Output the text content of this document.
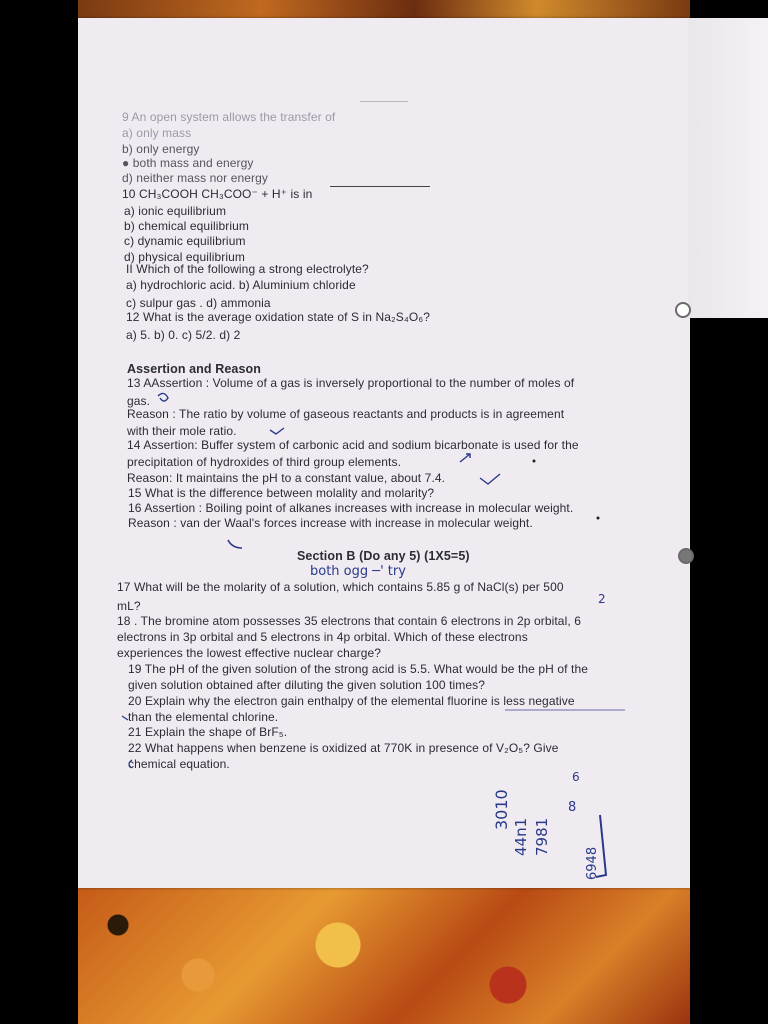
9 An open system allows the transfer of
a) only mass
b) only energy
● both mass and energy
d) neither mass nor energy
10 CH₃COOH CH₃COO⁻ + H⁺ is in
a) ionic equilibrium
b) chemical equilibrium
c) dynamic equilibrium
d) physical equilibrium
II Which of the following a strong electrolyte?
a) hydrochloric acid. b) Aluminium chloride
c) sulpur gas . d) ammonia
12 What is the average oxidation state of S in Na₂S₄O₆?
a) 5. b) 0. c) 5/2. d) 2
Assertion and Reason
13 AAssertion : Volume of a gas is inversely proportional to the number of moles of
gas.
Reason : The ratio by volume of gaseous reactants and products is in agreement
with their mole ratio.
14 Assertion: Buffer system of carbonic acid and sodium bicarbonate is used for the
precipitation of hydroxides of third group elements.
Reason: It maintains the pH to a constant value, about 7.4.
15 What is the difference between molality and molarity?
16 Assertion : Boiling point of alkanes increases with increase in molecular weight.
Reason : van der Waal's forces increase with increase in molecular weight.
Section B (Do any 5) (1X5=5)
17 What will be the molarity of a solution, which contains 5.85 g of NaCl(s) per 500
mL?
18 . The bromine atom possesses 35 electrons that contain 6 electrons in 2p orbital, 6
electrons in 3p orbital and 5 electrons in 4p orbital. Which of these electrons
experiences the lowest effective nuclear charge?
19 The pH of the given solution of the strong acid is 5.5. What would be the pH of the
given solution obtained after diluting the given solution 100 times?
20 Explain why the electron gain enthalpy of the elemental fluorine is less negative
than the elemental chlorine.
21 Explain the shape of BrF₅.
22 What happens when benzene is oxidized at 770K in presence of V₂O₅? Give
chemical equation.
both ogg ─' try
2
6
3010
44n1 7981
8
6948
